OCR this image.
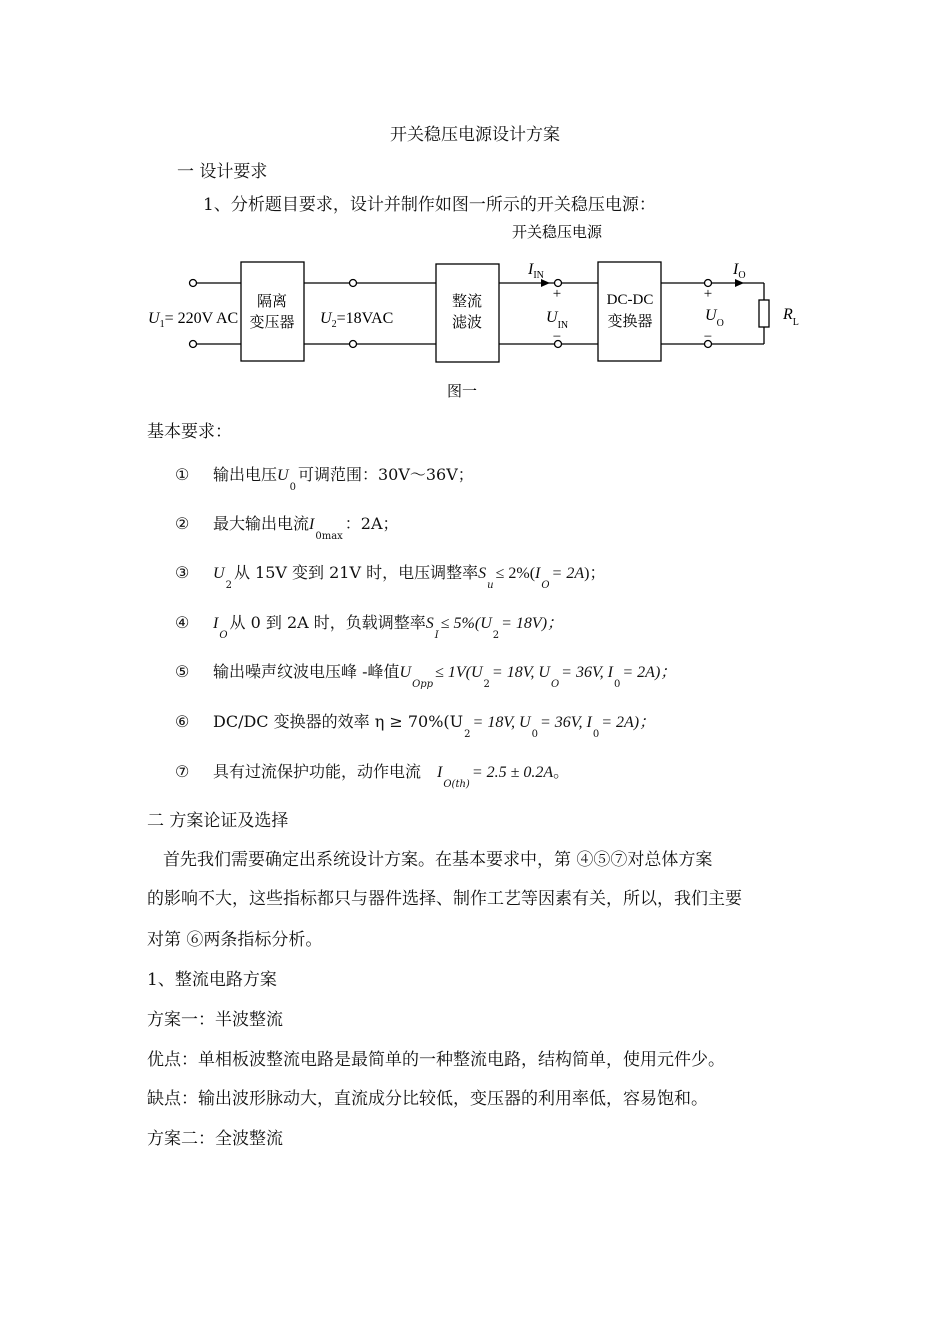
开关稳压电源设计方案
一 设计要求
1、分析题目要求，设计并制作如图一所示的开关稳压电源：
开关稳压电源
$U_1= 220V$ AC
隔离
变压器 $U_2=18VAC$
整流
滤波
$I_{IN}$
+
$U_{IN}$
−
DC-DC
变换器
$I_O$
+
$U_O$
−
$R_L$
图一
基本要求：
① 输出电压$U_0$可调范围：30V～36V；
② 最大输出电流$I_{0max}$：2A；
③ $U_2$从 15V 变到 21V 时，电压调整率$S_u\le 2\%(I_O= 2A)$；
④ $I_O$从 0 到 2A 时，负载调整率$S_I\le 5\%(U_2= 18V)$；
⑤ 输出噪声纹波电压峰 -峰值$U_{Opp}\le 1V(U_2= 18V$, $U_O= 36V$, $I_0= 2A$)；
⑥ DC/DC 变换器的效率 $\eta \ge 70\%(U_2= 18V$, $U_0= 36V$, $I_0= 2A$)；
⑦ 具有过流保护功能，动作电流 $I_{O(th)}= 2.5 \pm 0.2A$。
二 方案论证及选择
首先我们需要确定出系统设计方案。在基本要求中，第 ④⑤⑦对总体方案
的影响不大，这些指标都只与器件选择、制作工艺等因素有关，所以，我们主要
对第 ⑥两条指标分析。
1、整流电路方案
方案一：半波整流
优点：单相板波整流电路是最简单的一种整流电路，结构简单，使用元件少。
缺点：输出波形脉动大，直流成分比较低，变压器的利用率低，容易饱和。
方案二：全波整流
